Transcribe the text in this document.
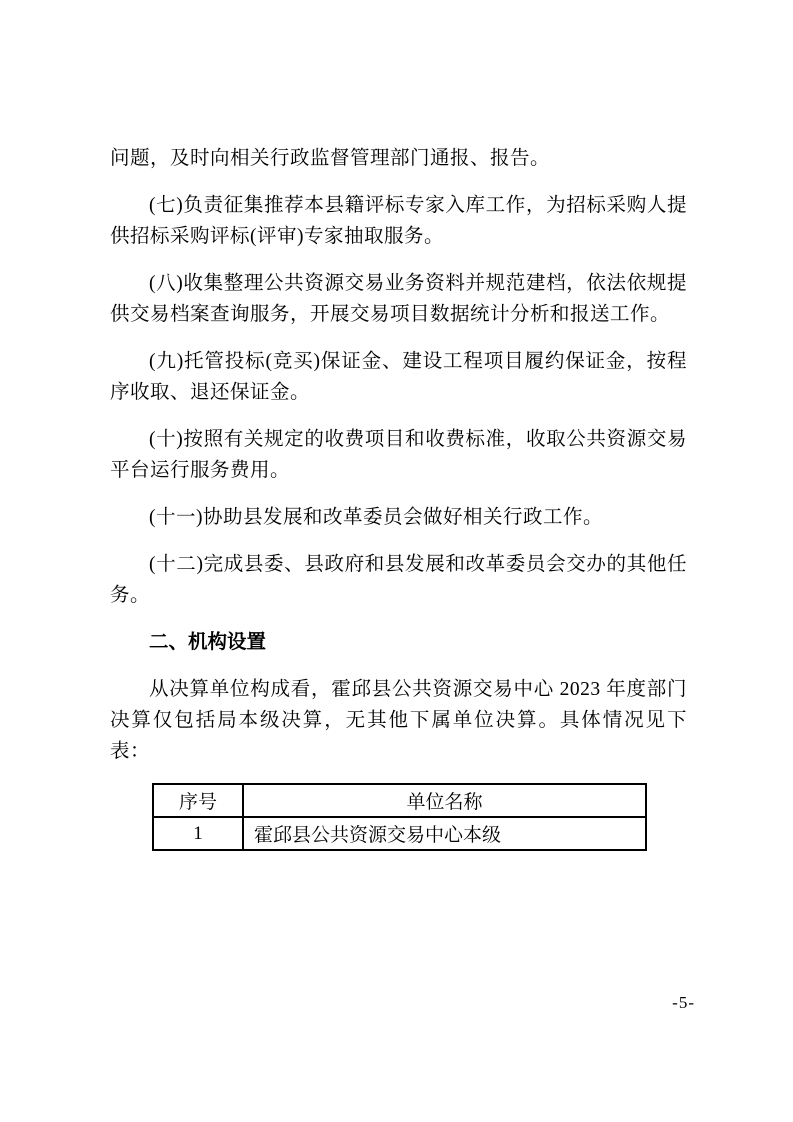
问题，及时向相关行政监督管理部门通报、报告。

(七)负责征集推荐本县籍评标专家入库工作，为招标采购人提供招标采购评标(评审)专家抽取服务。

(八)收集整理公共资源交易业务资料并规范建档，依法依规提供交易档案查询服务，开展交易项目数据统计分析和报送工作。

(九)托管投标(竞买)保证金、建设工程项目履约保证金，按程序收取、退还保证金。

(十)按照有关规定的收费项目和收费标准，收取公共资源交易平台运行服务费用。

(十一)协助县发展和改革委员会做好相关行政工作。

(十二)完成县委、县政府和县发展和改革委员会交办的其他任务。

二、机构设置

从决算单位构成看，霍邱县公共资源交易中心 2023 年度部门决算仅包括局本级决算，无其他下属单位决算。具体情况见下表：

序号	单位名称
1	霍邱县公共资源交易中心本级
-5-
